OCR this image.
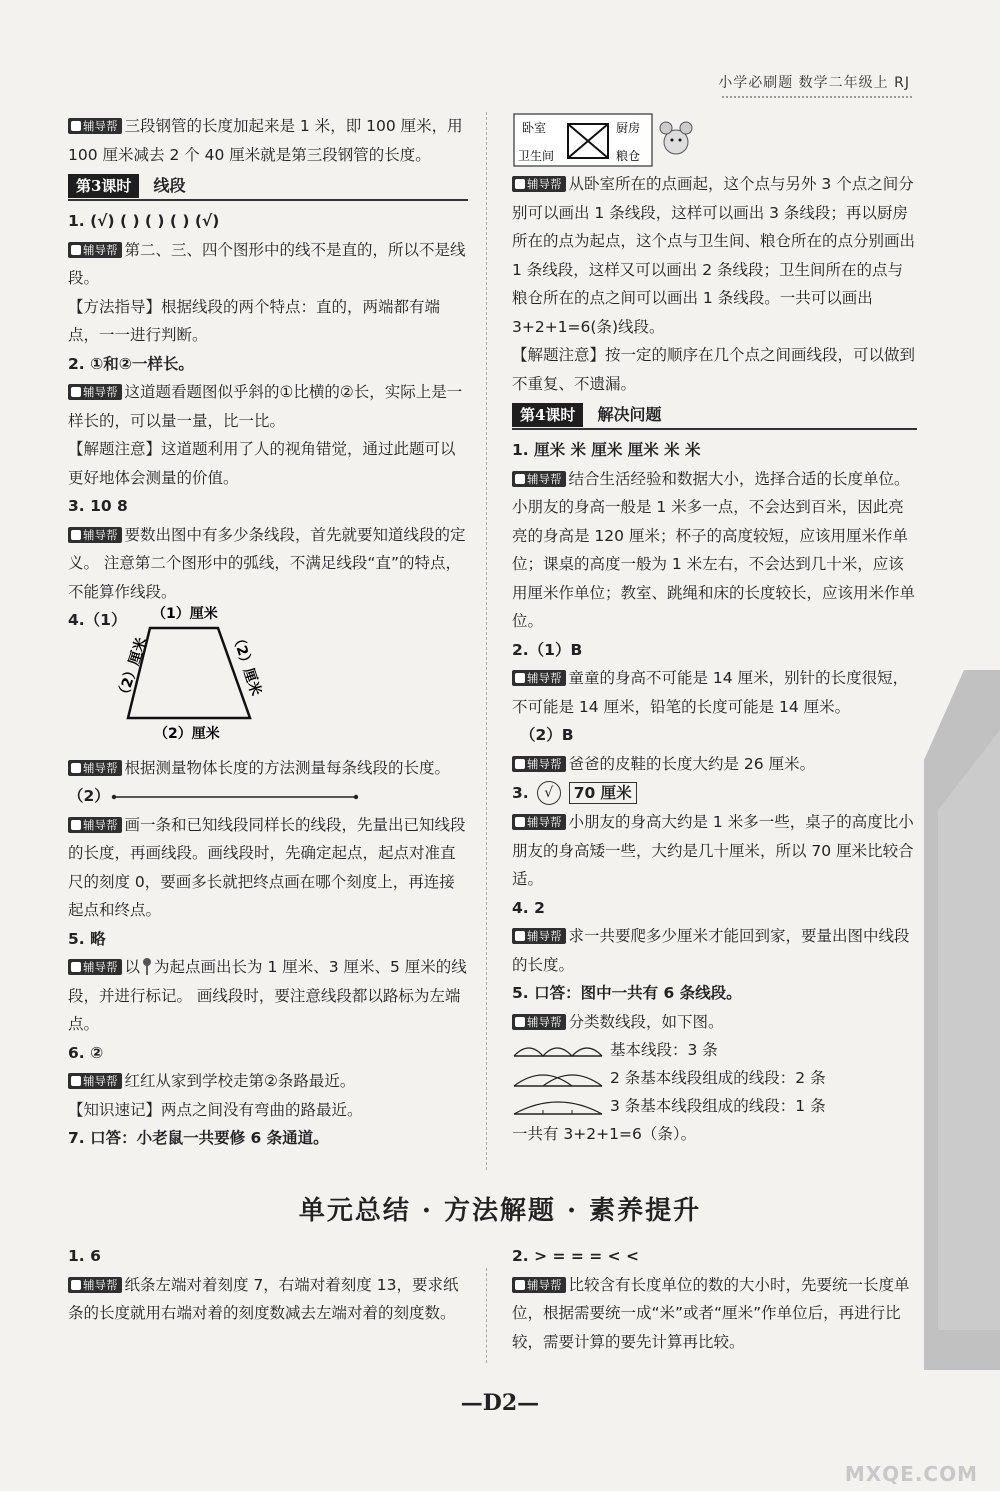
小学必刷题 数学二年级上 RJ

辅导帮 三段钢管的长度加起来是 1 米，即 100 厘米，用 100 厘米减去 2 个 40 厘米就是第三段钢管的长度。

第3课时	线段

1. (√) ( ) ( ) ( ) (√)

辅导帮 第二、三、四个图形中的线不是直的，所以不是线段。

【方法指导】根据线段的两个特点：直的，两端都有端点，一一进行判断。

2. ①和②一样长。

辅导帮 这道题看题图似乎斜的①比横的②长，实际上是一样长的，可以量一量，比一比。

【解题注意】这道题利用了人的视角错觉，通过此题可以更好地体会测量的价值。

3. 10 8

辅导帮 要数出图中有多少条线段，首先就要知道线段的定义。 注意第二个图形中的弧线，不满足线段“直”的特点，不能算作线段。

4.（1） （1）厘米
（2）厘米	（2）厘米
（2）厘米

辅导帮 根据测量物体长度的方法测量每条线段的长度。

（2）

辅导帮 画一条和已知线段同样长的线段，先量出已知线段的长度，再画线段。画线段时，先确定起点，起点对准直尺的刻度 0，要画多长就把终点画在哪个刻度上，再连接起点和终点。

5. 略

辅导帮 以 为起点画出长为 1 厘米、3 厘米、5 厘米的线段，并进行标记。 画线段时，要注意线段都以路标为左端点。

6. ②

辅导帮 红红从家到学校走第②条路最近。

【知识速记】两点之间没有弯曲的路最近。

7. 口答：小老鼠一共要修 6 条通道。

卧室	厨房
卫生间	粮仓

辅导帮 从卧室所在的点画起，这个点与另外 3 个点之间分别可以画出 1 条线段，这样可以画出 3 条线段；再以厨房所在的点为起点，这个点与卫生间、粮仓所在的点分别画出 1 条线段，这样又可以画出 2 条线段；卫生间所在的点与粮仓所在的点之间可以画出 1 条线段。一共可以画出 3+2+1=6(条)线段。

【解题注意】按一定的顺序在几个点之间画线段，可以做到不重复、不遗漏。

第4课时	解决问题

1. 厘米 米 厘米 厘米 米 米

辅导帮 结合生活经验和数据大小，选择合适的长度单位。 小朋友的身高一般是 1 米多一点，不会达到百米，因此亮亮的身高是 120 厘米；杯子的高度较短，应该用厘米作单位；课桌的高度一般为 1 米左右，不会达到几十米，应该用厘米作单位；教室、跳绳和床的长度较长，应该用米作单位。

2.（1）B

辅导帮 童童的身高不可能是 14 厘米，别针的长度很短，不可能是 14 厘米，铅笔的长度可能是 14 厘米。

（2）B

辅导帮 爸爸的皮鞋的长度大约是 26 厘米。

3.	√	70 厘米

辅导帮 小朋友的身高大约是 1 米多一些，桌子的高度比小朋友的身高矮一些，大约是几十厘米，所以 70 厘米比较合适。

4. 2

辅导帮 求一共要爬多少厘米才能回到家，要量出图中线段的长度。

5. 口答：图中一共有 6 条线段。

辅导帮 分类数线段，如下图。

基本线段：3 条
2 条基本线段组成的线段：2 条
3 条基本线段组成的线段：1 条

一共有 3+2+1=6（条）。

单元总结 · 方法解题 · 素养提升

1. 6

辅导帮 纸条左端对着刻度 7，右端对着刻度 13，要求纸条的长度就用右端对着的刻度数减去左端对着的刻度数。

2. > = = = < <

辅导帮 比较含有长度单位的数的大小时，先要统一长度单位，根据需要统一成“米”或者“厘米”作单位后，再进行比较，需要计算的要先计算再比较。

—D2—
MXQE.COM
